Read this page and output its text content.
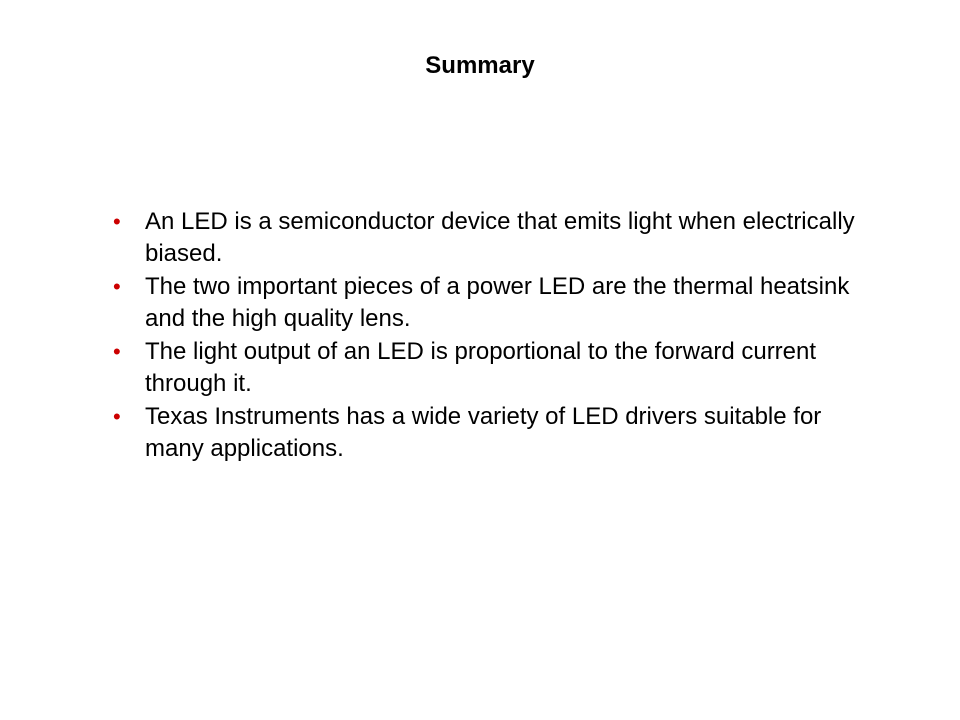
Summary
•	An LED is a semiconductor device that emits light when electrically biased.
•	The two important pieces of a power LED are the thermal heatsink and the high quality lens.
•	The light output of an LED is proportional to the forward current through it.
•	Texas Instruments has a wide variety of LED drivers suitable for many applications.
